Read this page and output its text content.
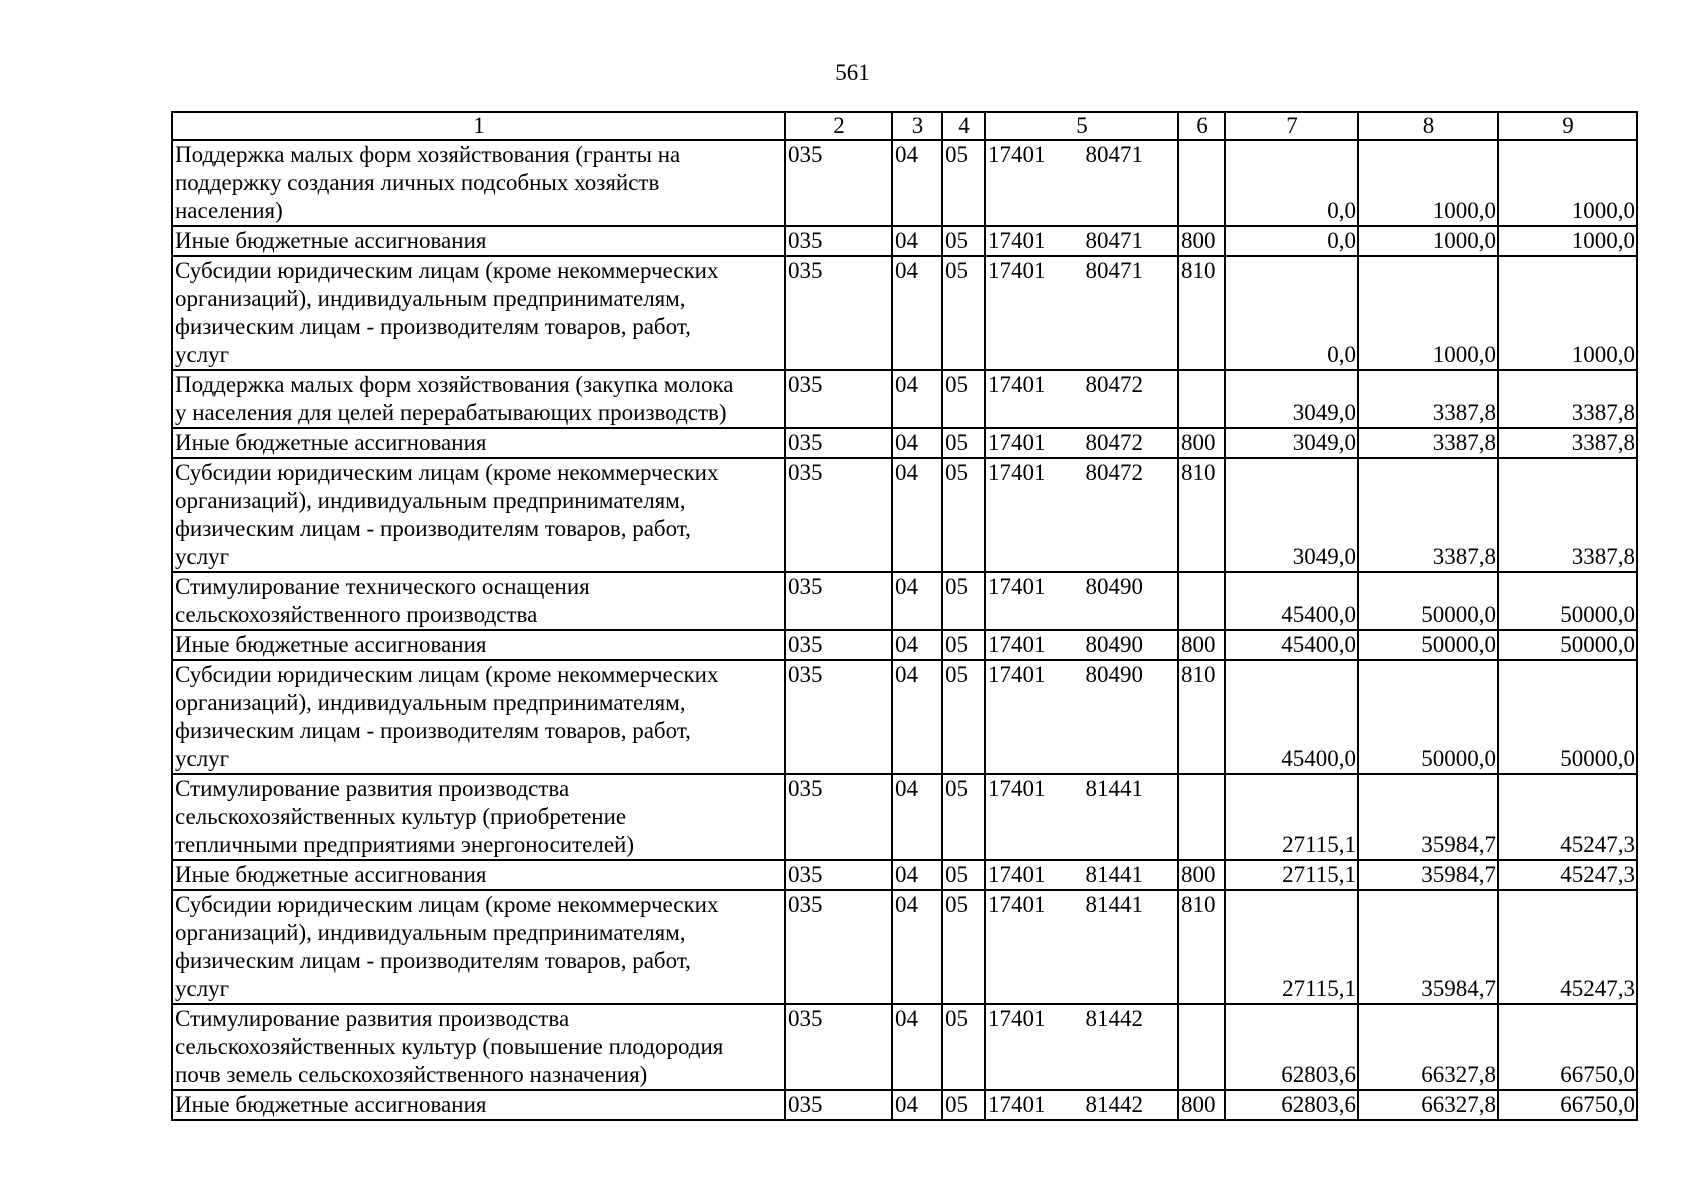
561
1	2	3	4	5	6	7	8	9

Поддержка малых форм хозяйствования (гранты на
поддержку создания личных подсобных хозяйств
населения)	035	04	05	17401 80471		0,0	1000,0	1000,0

Иные бюджетные ассигнования	035	04	05	17401 80471	800	0,0	1000,0	1000,0

Субсидии юридическим лицам (кроме некоммерческих
организаций), индивидуальным предпринимателям,
физическим лицам - производителям товаров, работ,
услуг	035	04	05	17401 80471	810	0,0	1000,0	1000,0

Поддержка малых форм хозяйствования (закупка молока
у населения для целей перерабатывающих производств)	035	04	05	17401 80472		3049,0	3387,8	3387,8

Иные бюджетные ассигнования	035	04	05	17401 80472	800	3049,0	3387,8	3387,8

Субсидии юридическим лицам (кроме некоммерческих
организаций), индивидуальным предпринимателям,
физическим лицам - производителям товаров, работ,
услуг	035	04	05	17401 80472	810	3049,0	3387,8	3387,8

Стимулирование технического оснащения
сельскохозяйственного производства	035	04	05	17401 80490		45400,0	50000,0	50000,0

Иные бюджетные ассигнования	035	04	05	17401 80490	800	45400,0	50000,0	50000,0

Субсидии юридическим лицам (кроме некоммерческих
организаций), индивидуальным предпринимателям,
физическим лицам - производителям товаров, работ,
услуг	035	04	05	17401 80490	810	45400,0	50000,0	50000,0

Стимулирование развития производства
сельскохозяйственных культур (приобретение
тепличными предприятиями энергоносителей)	035	04	05	17401 81441		27115,1	35984,7	45247,3

Иные бюджетные ассигнования	035	04	05	17401 81441	800	27115,1	35984,7	45247,3

Субсидии юридическим лицам (кроме некоммерческих
организаций), индивидуальным предпринимателям,
физическим лицам - производителям товаров, работ,
услуг	035	04	05	17401 81441	810	27115,1	35984,7	45247,3

Стимулирование развития производства
сельскохозяйственных культур (повышение плодородия
почв земель сельскохозяйственного назначения)	035	04	05	17401 81442		62803,6	66327,8	66750,0

Иные бюджетные ассигнования	035	04	05	17401 81442	800	62803,6	66327,8	66750,0
